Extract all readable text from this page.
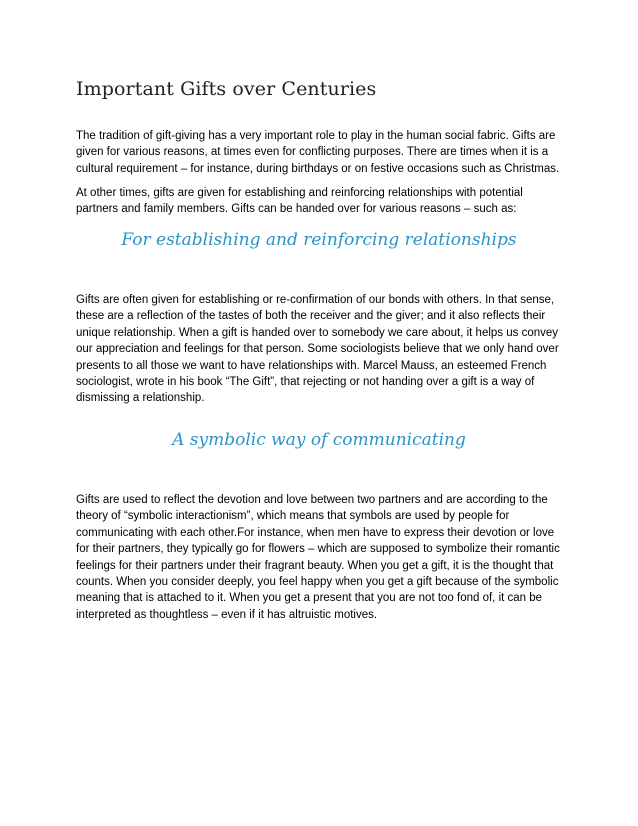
Important Gifts over Centuries

The tradition of gift-giving has a very important role to play in the human social fabric. Gifts are given for various reasons, at times even for conflicting purposes. There are times when it is a cultural requirement – for instance, during birthdays or on festive occasions such as Christmas.

At other times, gifts are given for establishing and reinforcing relationships with potential partners and family members. Gifts can be handed over for various reasons – such as:

For establishing and reinforcing relationships

Gifts are often given for establishing or re-confirmation of our bonds with others. In that sense, these are a reflection of the tastes of both the receiver and the giver; and it also reflects their unique relationship. When a gift is handed over to somebody we care about, it helps us convey our appreciation and feelings for that person. Some sociologists believe that we only hand over presents to all those we want to have relationships with. Marcel Mauss, an esteemed French sociologist, wrote in his book “The Gift”, that rejecting or not handing over a gift is a way of dismissing a relationship.

A symbolic way of communicating

Gifts are used to reflect the devotion and love between two partners and are according to the theory of “symbolic interactionism”, which means that symbols are used by people for communicating with each other.For instance, when men have to express their devotion or love for their partners, they typically go for flowers – which are supposed to symbolize their romantic feelings for their partners under their fragrant beauty. When you get a gift, it is the thought that counts. When you consider deeply, you feel happy when you get a gift because of the symbolic meaning that is attached to it. When you get a present that you are not too fond of, it can be interpreted as thoughtless – even if it has altruistic motives.
